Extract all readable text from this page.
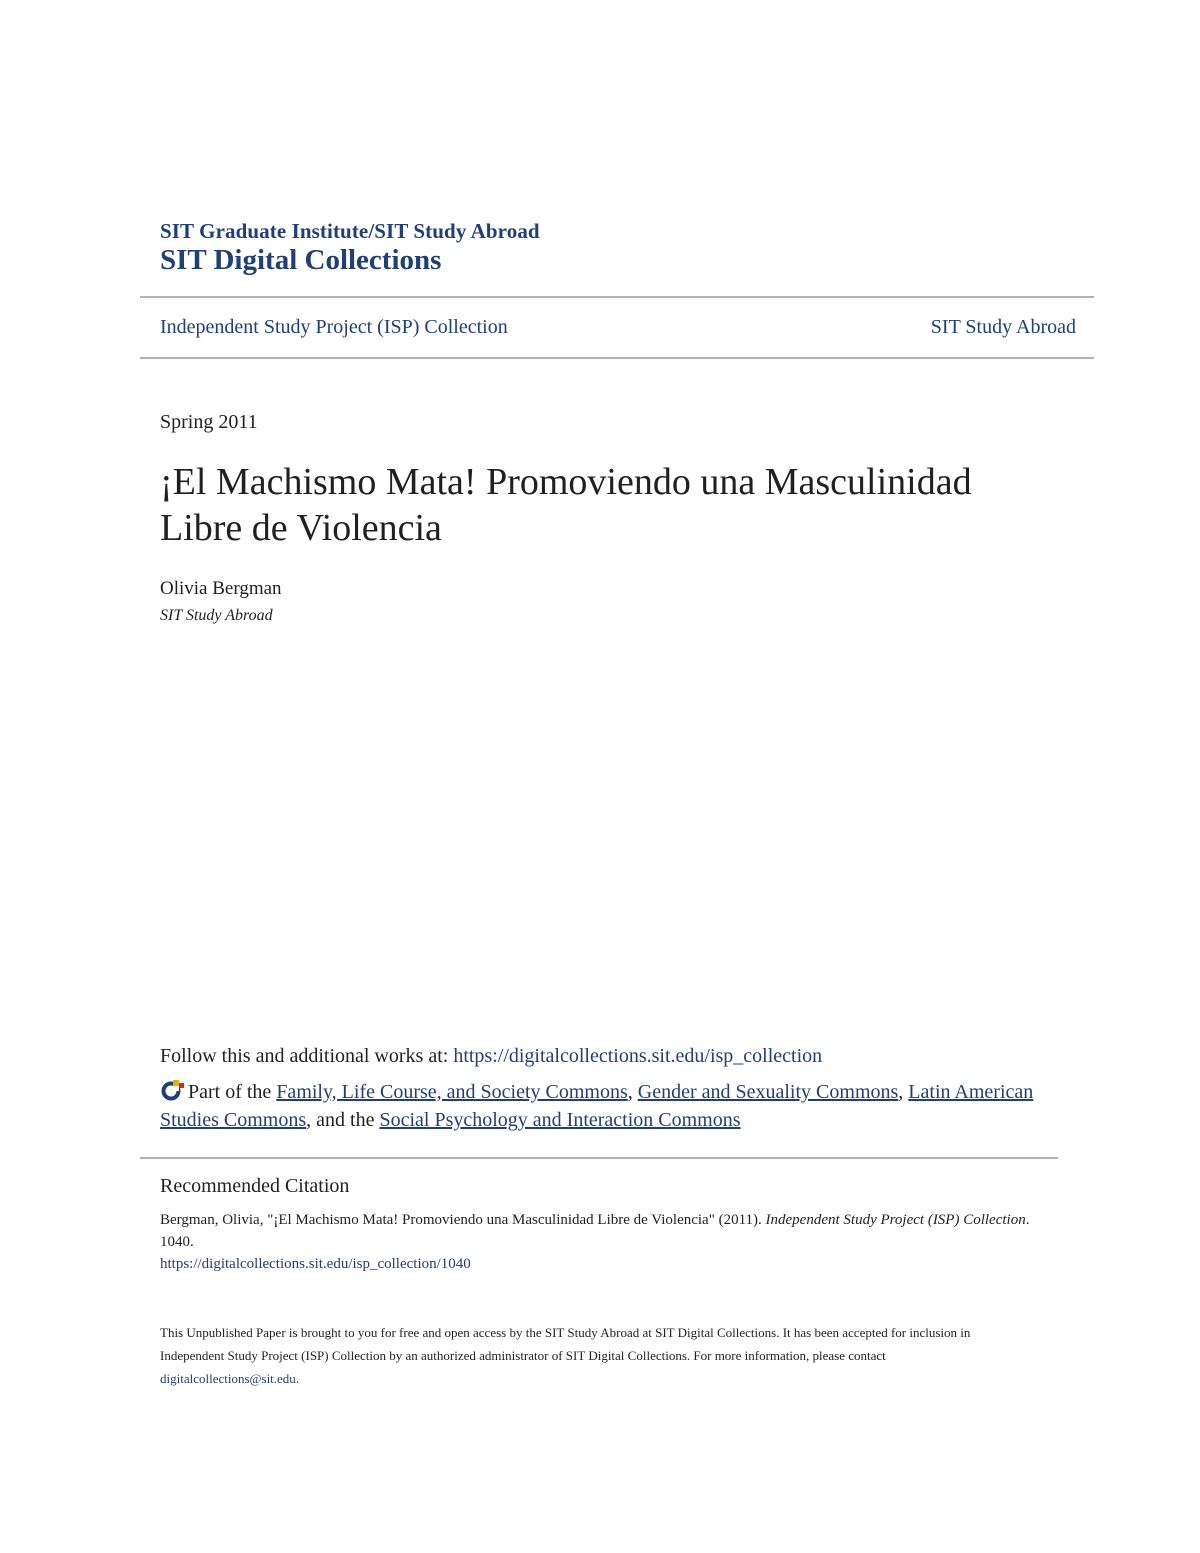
SIT Graduate Institute/SIT Study Abroad
SIT Digital Collections
Independent Study Project (ISP) Collection	SIT Study Abroad
Spring 2011
¡El Machismo Mata! Promoviendo una Masculinidad Libre de Violencia
Olivia Bergman
SIT Study Abroad
Follow this and additional works at: https://digitalcollections.sit.edu/isp_collection
Part of the Family, Life Course, and Society Commons, Gender and Sexuality Commons, Latin American Studies Commons, and the Social Psychology and Interaction Commons
Recommended Citation
Bergman, Olivia, "¡El Machismo Mata! Promoviendo una Masculinidad Libre de Violencia" (2011). Independent Study Project (ISP) Collection. 1040.
https://digitalcollections.sit.edu/isp_collection/1040
This Unpublished Paper is brought to you for free and open access by the SIT Study Abroad at SIT Digital Collections. It has been accepted for inclusion in Independent Study Project (ISP) Collection by an authorized administrator of SIT Digital Collections. For more information, please contact digitalcollections@sit.edu.
